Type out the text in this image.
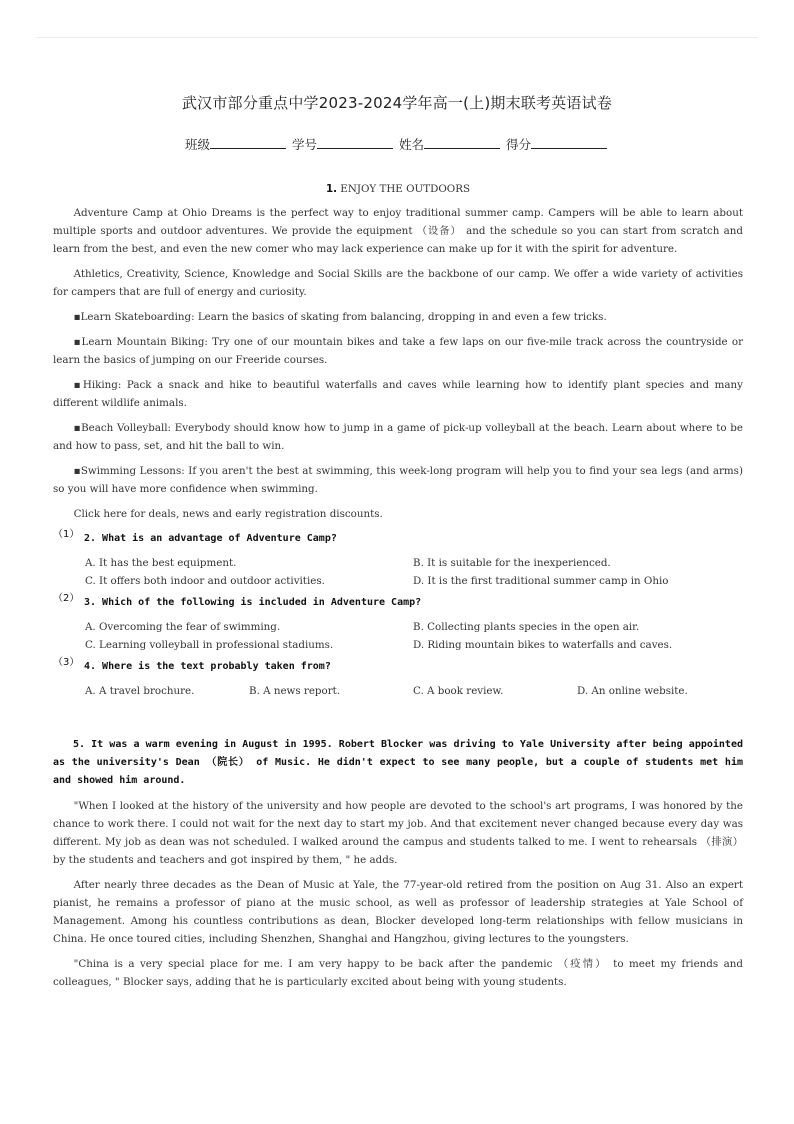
武汉市部分重点中学2023-2024学年高一(上)期末联考英语试卷
班级	学号	姓名	得分
1. ENJOY THE OUTDOORS

Adventure Camp at Ohio Dreams is the perfect way to enjoy traditional summer camp. Campers will be able to learn about multiple sports and outdoor adventures. We provide the equipment （设备） and the schedule so you can start from scratch and learn from the best, and even the new comer who may lack experience can make up for it with the spirit for adventure.

Athletics, Creativity, Science, Knowledge and Social Skills are the backbone of our camp. We offer a wide variety of activities for campers that are full of energy and curiosity.

▪Learn Skateboarding: Learn the basics of skating from balancing, dropping in and even a few tricks.

▪Learn Mountain Biking: Try one of our mountain bikes and take a few laps on our five-mile track across the countryside or learn the basics of jumping on our Freeride courses.

▪Hiking: Pack a snack and hike to beautiful waterfalls and caves while learning how to identify plant species and many different wildlife animals.

▪Beach Volleyball: Everybody should know how to jump in a game of pick-up volleyball at the beach. Learn about where to be and how to pass, set, and hit the ball to win.

▪Swimming Lessons: If you aren't the best at swimming, this week-long program will help you to find your sea legs (and arms) so you will have more confidence when swimming.

Click here for deals, news and early registration discounts.

（1） 2. What is an advantage of Adventure Camp?

A. It has the best equipment.	B. It is suitable for the inexperienced.
C. It offers both indoor and outdoor activities.	D. It is the first traditional summer camp in Ohio
（2） 3. Which of the following is included in Adventure Camp?

A. Overcoming the fear of swimming.	B. Collecting plants species in the open air.
C. Learning volleyball in professional stadiums.	D. Riding mountain bikes to waterfalls and caves.
（3） 4. Where is the text probably taken from?

A. A travel brochure.	B. A news report.	C. A book review.	D. An online website.

5. It was a warm evening in August in 1995. Robert Blocker was driving to Yale University after being appointed as the university's Dean （院长） of Music. He didn't expect to see many people, but a couple of students met him and showed him around.

"When I looked at the history of the university and how people are devoted to the school's art programs, I was honored by the chance to work there. I could not wait for the next day to start my job. And that excitement never changed because every day was different. My job as dean was not scheduled. I walked around the campus and students talked to me. I went to rehearsals （排演） by the students and teachers and got inspired by them, " he adds.

After nearly three decades as the Dean of Music at Yale, the 77-year-old retired from the position on Aug 31. Also an expert pianist, he remains a professor of piano at the music school, as well as professor of leadership strategies at Yale School of Management. Among his countless contributions as dean, Blocker developed long-term relationships with fellow musicians in China. He once toured cities, including Shenzhen, Shanghai and Hangzhou, giving lectures to the youngsters.

"China is a very special place for me. I am very happy to be back after the pandemic （疫情） to meet my friends and colleagues, " Blocker says, adding that he is particularly excited about being with young students.
